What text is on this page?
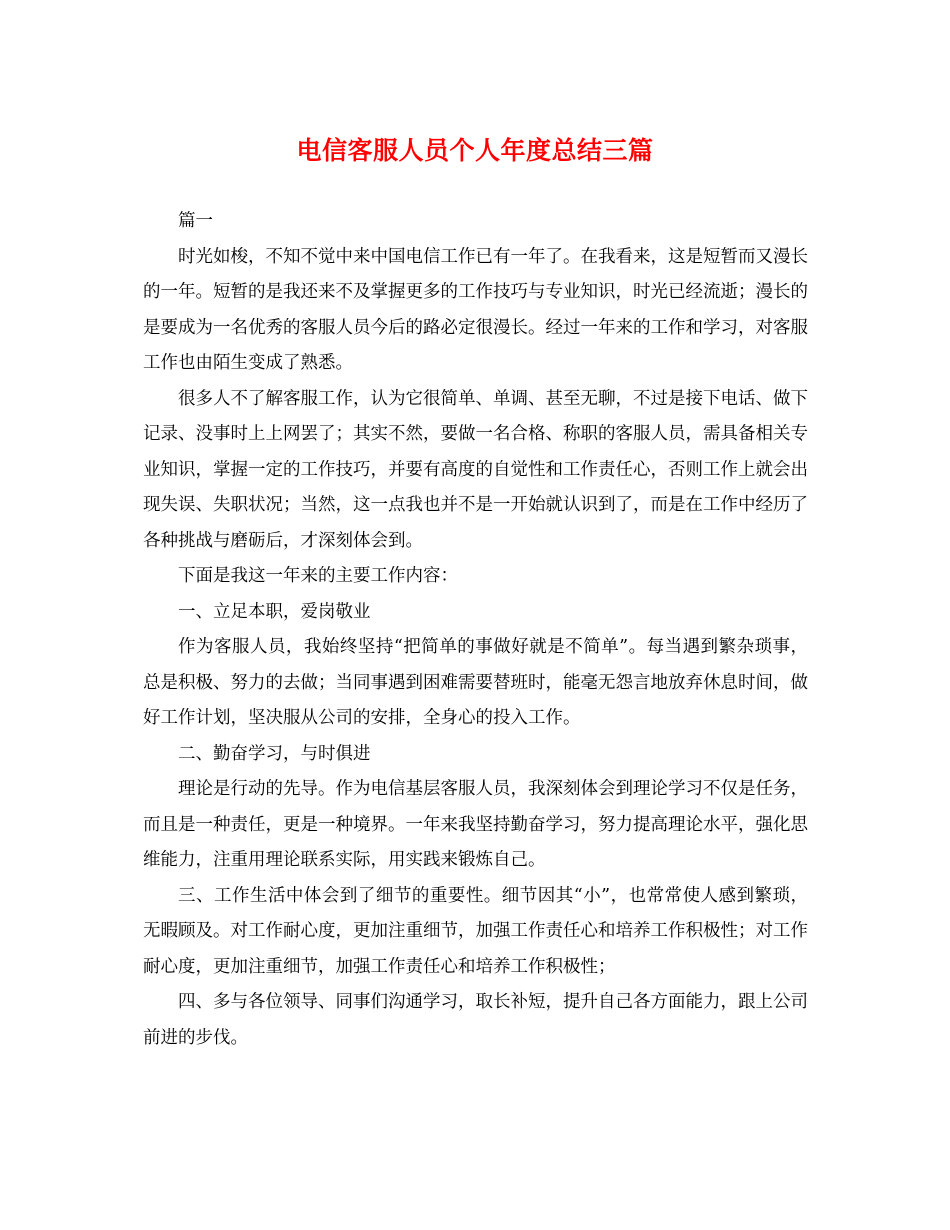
电信客服人员个人年度总结三篇

篇一

时光如梭，不知不觉中来中国电信工作已有一年了。在我看来，这是短暂而又漫长的一年。短暂的是我还来不及掌握更多的工作技巧与专业知识，时光已经流逝；漫长的是要成为一名优秀的客服人员今后的路必定很漫长。经过一年来的工作和学习，对客服工作也由陌生变成了熟悉。

很多人不了解客服工作，认为它很简单、单调、甚至无聊，不过是接下电话、做下记录、没事时上上网罢了；其实不然，要做一名合格、称职的客服人员，需具备相关专业知识，掌握一定的工作技巧，并要有高度的自觉性和工作责任心，否则工作上就会出现失误、失职状况；当然，这一点我也并不是一开始就认识到了，而是在工作中经历了各种挑战与磨砺后，才深刻体会到。

下面是我这一年来的主要工作内容：

一、立足本职，爱岗敬业

作为客服人员，我始终坚持“把简单的事做好就是不简单”。每当遇到繁杂琐事，总是积极、努力的去做；当同事遇到困难需要替班时，能毫无怨言地放弃休息时间，做好工作计划，坚决服从公司的安排，全身心的投入工作。

二、勤奋学习，与时俱进

理论是行动的先导。作为电信基层客服人员，我深刻体会到理论学习不仅是任务，而且是一种责任，更是一种境界。一年来我坚持勤奋学习，努力提高理论水平，强化思维能力，注重用理论联系实际，用实践来锻炼自己。

三、工作生活中体会到了细节的重要性。细节因其“小”，也常常使人感到繁琐，无暇顾及。对工作耐心度，更加注重细节，加强工作责任心和培养工作积极性；对工作耐心度，更加注重细节，加强工作责任心和培养工作积极性；

四、多与各位领导、同事们沟通学习，取长补短，提升自己各方面能力，跟上公司前进的步伐。
